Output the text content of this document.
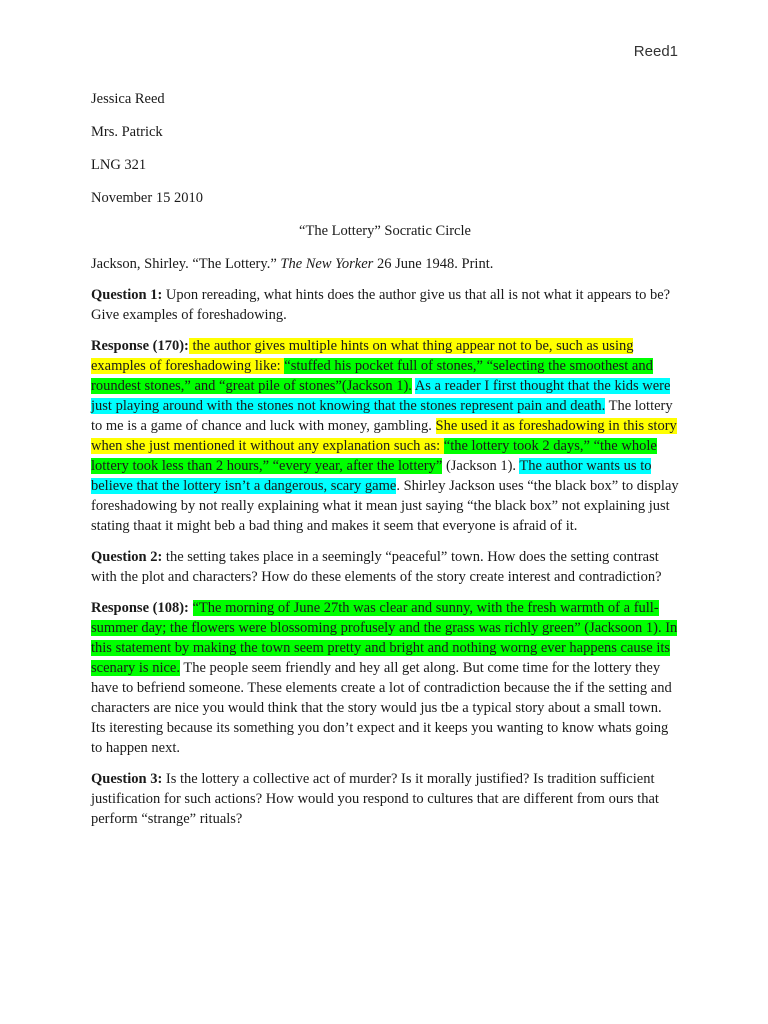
Reed1
Jessica Reed
Mrs. Patrick
LNG 321
November 15 2010
“The Lottery” Socratic Circle
Jackson, Shirley. “The Lottery.” The New Yorker 26 June 1948. Print.
Question 1: Upon rereading, what hints does the author give us that all is not what it appears to be? Give examples of foreshadowing.
Response (170): the author gives multiple hints on what thing appear not to be, such as using examples of foreshadowing like: “stuffed his pocket full of stones,” “selecting the smoothest and roundest stones,” and “great pile of stones”(Jackson 1). As a reader I first thought that the kids were just playing around with the stones not knowing that the stones represent pain and death. The lottery to me is a game of chance and luck with money, gambling. She used it as foreshadowing in this story when she just mentioned it without any explanation such as: “the lottery took 2 days,” “the whole lottery took less than 2 hours,” “every year, after the lottery” (Jackson 1). The author wants us to believe that the lottery isn’t a dangerous, scary game. Shirley Jackson uses “the black box” to display foreshadowing by not really explaining what it mean just saying “the black box” not explaining just stating thaat it might beb a bad thing and makes it seem that everyone is afraid of it.
Question 2: the setting takes place in a seemingly “peaceful” town. How does the setting contrast with the plot and characters? How do these elements of the story create interest and contradiction?
Response (108): “The morning of June 27th was clear and sunny, with the fresh warmth of a full-summer day; the flowers were blossoming profusely and the grass was richly green” (Jacksoon 1). In this statement by making the town seem pretty and bright and nothing worng ever happens cause its scenary is nice. The people seem friendly and hey all get along. But come time for the lottery they have to befriend someone. These elements create a lot of contradiction because the if the setting and characters are nice you would think that the story would jus tbe a typical story about a small town. Its iteresting because its something you don’t expect and it keeps you wanting to know whats going to happen next.
Question 3: Is the lottery a collective act of murder? Is it morally justified? Is tradition sufficient justification for such actions? How would you respond to cultures that are different from ours that perform “strange” rituals?
